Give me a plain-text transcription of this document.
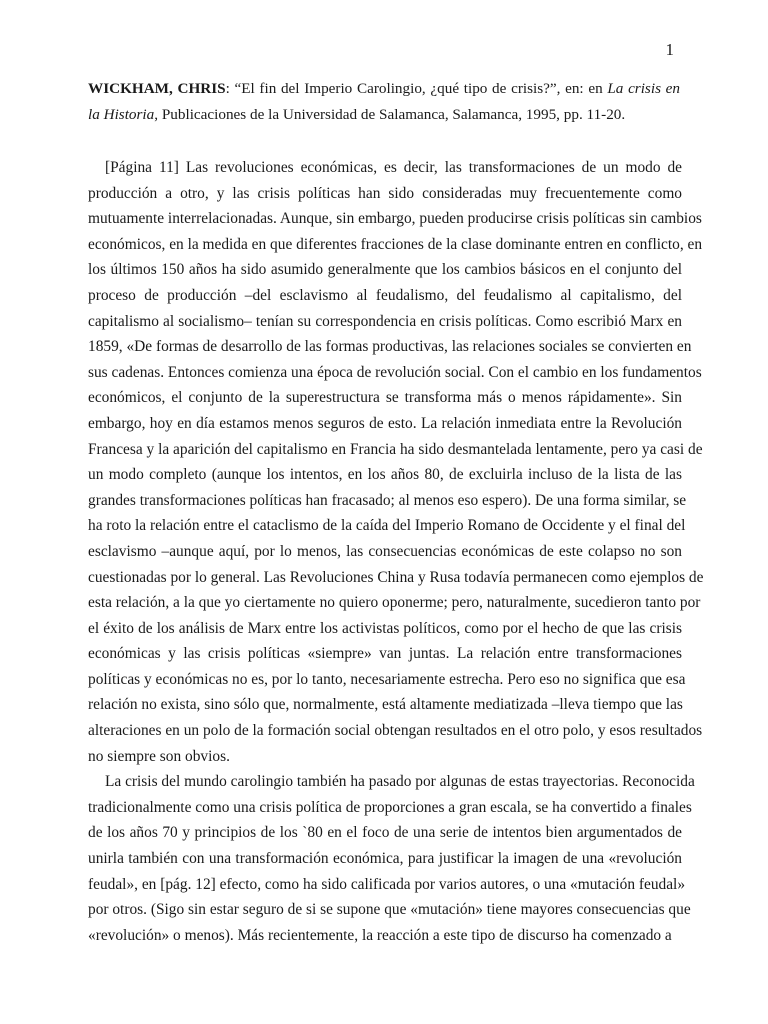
1
WICKHAM, CHRIS: “El fin del Imperio Carolingio, ¿qué tipo de crisis?”, en: en La crisis en la Historia, Publicaciones de la Universidad de Salamanca, Salamanca, 1995, pp. 11-20.

[Página 11] Las revoluciones económicas, es decir, las transformaciones de un modo de
producción a otro, y las crisis políticas han sido consideradas muy frecuentemente como
mutuamente interrelacionadas. Aunque, sin embargo, pueden producirse crisis políticas sin cambios
económicos, en la medida en que diferentes fracciones de la clase dominante entren en conflicto, en
los últimos 150 años ha sido asumido generalmente que los cambios básicos en el conjunto del
proceso de producción –del esclavismo al feudalismo, del feudalismo al capitalismo, del
capitalismo al socialismo– tenían su correspondencia en crisis políticas. Como escribió Marx en
1859, «De formas de desarrollo de las formas productivas, las relaciones sociales se convierten en
sus cadenas. Entonces comienza una época de revolución social. Con el cambio en los fundamentos
económicos, el conjunto de la superestructura se transforma más o menos rápidamente». Sin
embargo, hoy en día estamos menos seguros de esto. La relación inmediata entre la Revolución
Francesa y la aparición del capitalismo en Francia ha sido desmantelada lentamente, pero ya casi de
un modo completo (aunque los intentos, en los años 80, de excluirla incluso de la lista de las
grandes transformaciones políticas han fracasado; al menos eso espero). De una forma similar, se
ha roto la relación entre el cataclismo de la caída del Imperio Romano de Occidente y el final del
esclavismo –aunque aquí, por lo menos, las consecuencias económicas de este colapso no son
cuestionadas por lo general. Las Revoluciones China y Rusa todavía permanecen como ejemplos de
esta relación, a la que yo ciertamente no quiero oponerme; pero, naturalmente, sucedieron tanto por
el éxito de los análisis de Marx entre los activistas políticos, como por el hecho de que las crisis
económicas y las crisis políticas «siempre» van juntas. La relación entre transformaciones
políticas y económicas no es, por lo tanto, necesariamente estrecha. Pero eso no significa que esa
relación no exista, sino sólo que, normalmente, está altamente mediatizada –lleva tiempo que las
alteraciones en un polo de la formación social obtengan resultados en el otro polo, y esos resultados
no siempre son obvios.

La crisis del mundo carolingio también ha pasado por algunas de estas trayectorias. Reconocida
tradicionalmente como una crisis política de proporciones a gran escala, se ha convertido a finales
de los años 70 y principios de los `80 en el foco de una serie de intentos bien argumentados de
unirla también con una transformación económica, para justificar la imagen de una «revolución
feudal», en [pág. 12] efecto, como ha sido calificada por varios autores, o una «mutación feudal»
por otros. (Sigo sin estar seguro de si se supone que «mutación» tiene mayores consecuencias que
«revolución» o menos). Más recientemente, la reacción a este tipo de discurso ha comenzado a
